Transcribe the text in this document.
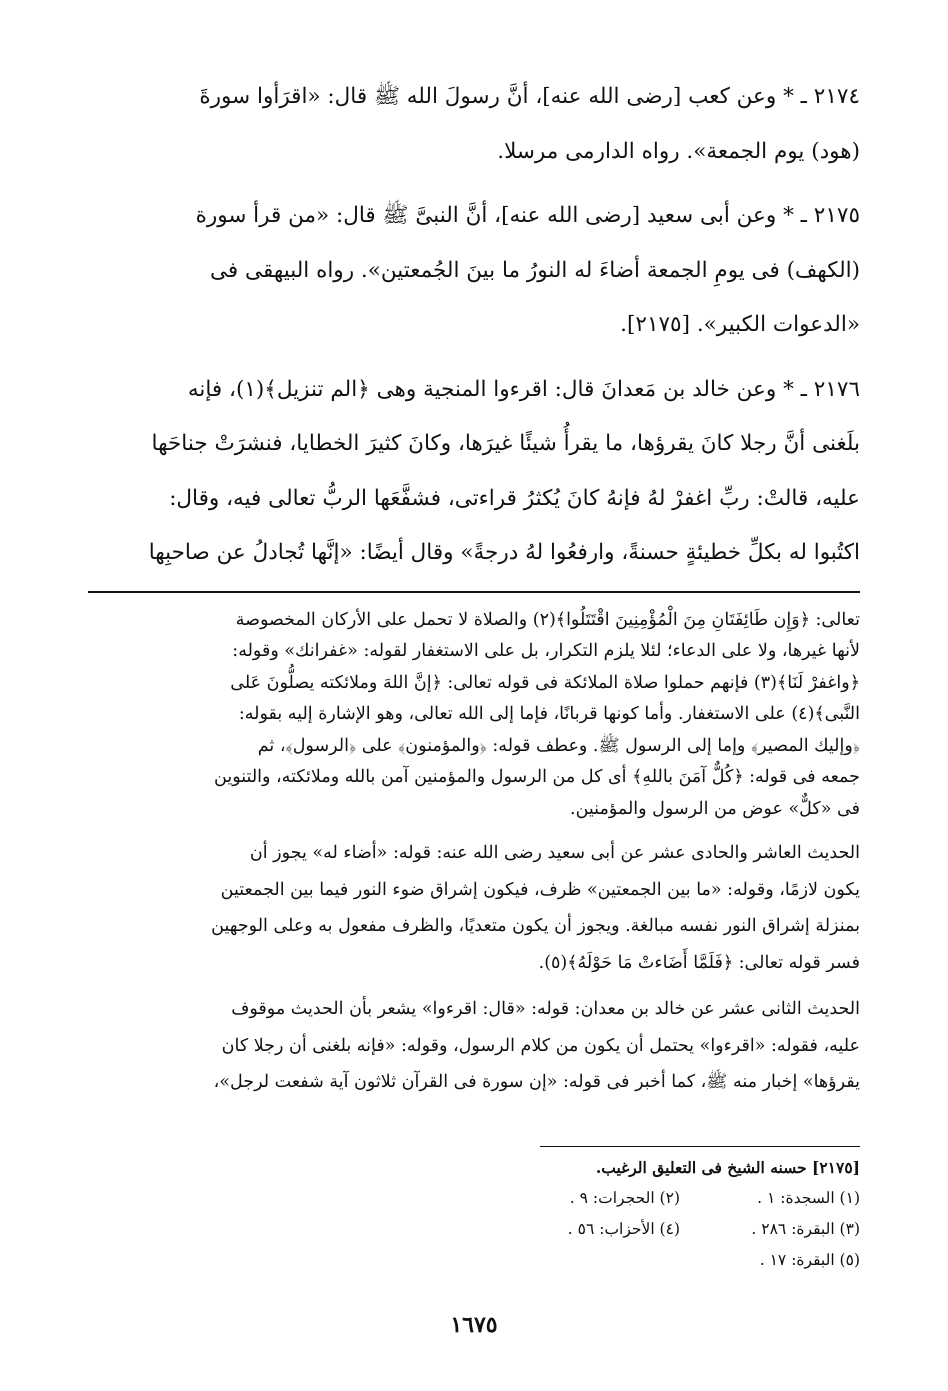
٢١٧٤ ـ * وعن كعب [رضى الله عنه]، أنَّ رسولَ الله ﷺ قال: «اقرَأوا سورةَ

(هود) يوم الجمعة». رواه الدارمى مرسلا.

٢١٧٥ ـ * وعن أبى سعيد [رضى الله عنه]، أنَّ النبىَّ ﷺ قال: «من قرأ سورة

(الكهف) فى يومِ الجمعة أضاءَ له النورُ ما بينَ الجُمعتين». رواه البيهقى فى

«الدعوات الكبير». [٢١٧٥].

٢١٧٦ ـ * وعن خالد بن مَعدانَ قال: اقرءوا المنجية وهى ﴿الم تنزيل﴾(١)، فإنه

بلَغنى أنَّ رجلا كانَ يقرؤها، ما يقرأُ شيئًا غيرَها، وكانَ كثيرَ الخطايا، فنشرَتْ جناحَها

عليه، قالتْ: ربِّ اغفرْ لهُ فإنهُ كانَ يُكثرُ قراءتى، فشفَّعَها الربُّ تعالى فيه، وقال:

اكتُبوا له بكلِّ خطيئةٍ حسنةً، وارفعُوا لهُ درجةً» وقال أيضًا: «إنَّها تُجادلُ عن صاحبِها

تعالى: ﴿وَإِن طَائِفَتَانِ مِنَ الْمُؤْمِنِينَ اقْتَتَلُوا﴾(٢) والصلاة لا تحمل على الأركان المخصوصة
لأنها غيرها، ولا على الدعاء؛ لئلا يلزم التكرار، بل على الاستغفار لقوله: «غفرانك» وقوله:
﴿واغفرْ لَنَا﴾(٣) فإنهم حملوا صلاة الملائكة فى قوله تعالى: ﴿إنَّ اللهَ وملائكته يصلُّونَ عَلى
النَّبى﴾(٤) على الاستغفار. وأما كونها قربانًا، فإما إلى الله تعالى، وهو الإشارة إليه بقوله:
﴿وإليك المصير﴾ وإما إلى الرسول ﷺ. وعطف قوله: ﴿والمؤمنون﴾ على ﴿الرسول﴾، ثم
جمعه فى قوله: ﴿كُلٌّ آمَنَ باللهِ﴾ أى كل من الرسول والمؤمنين آمن بالله وملائكته، والتنوين
فى «كلٌّ» عوض من الرسول والمؤمنين.
الحديث العاشر والحادى عشر عن أبى سعيد رضى الله عنه: قوله: «أضاء له» يجوز أن
يكون لازمًا، وقوله: «ما بين الجمعتين» ظرف، فيكون إشراق ضوء النور فيما بين الجمعتين
بمنزلة إشراق النور نفسه مبالغة. ويجوز أن يكون متعديًا، والظرف مفعول به وعلى الوجهين
فسر قوله تعالى: ﴿فَلَمَّا أَضَاءتْ مَا حَوْلَهُ﴾(٥).
الحديث الثانى عشر عن خالد بن معدان: قوله: «قال: اقرءوا» يشعر بأن الحديث موقوف
عليه، فقوله: «اقرءوا» يحتمل أن يكون من كلام الرسول، وقوله: «فإنه بلغنى أن رجلا كان
يقرؤها» إخبار منه ﷺ، كما أخبر فى قوله: «إن سورة فى القرآن ثلاثون آية شفعت لرجل»،
[٢١٧٥] حسنه الشيخ فى التعليق الرغيب.
(١) السجدة: ١ .
(٢) الحجرات: ٩ .
(٣) البقرة: ٢٨٦ .
(٤) الأحزاب: ٥٦ .
(٥) البقرة: ١٧ .
١٦٧٥
